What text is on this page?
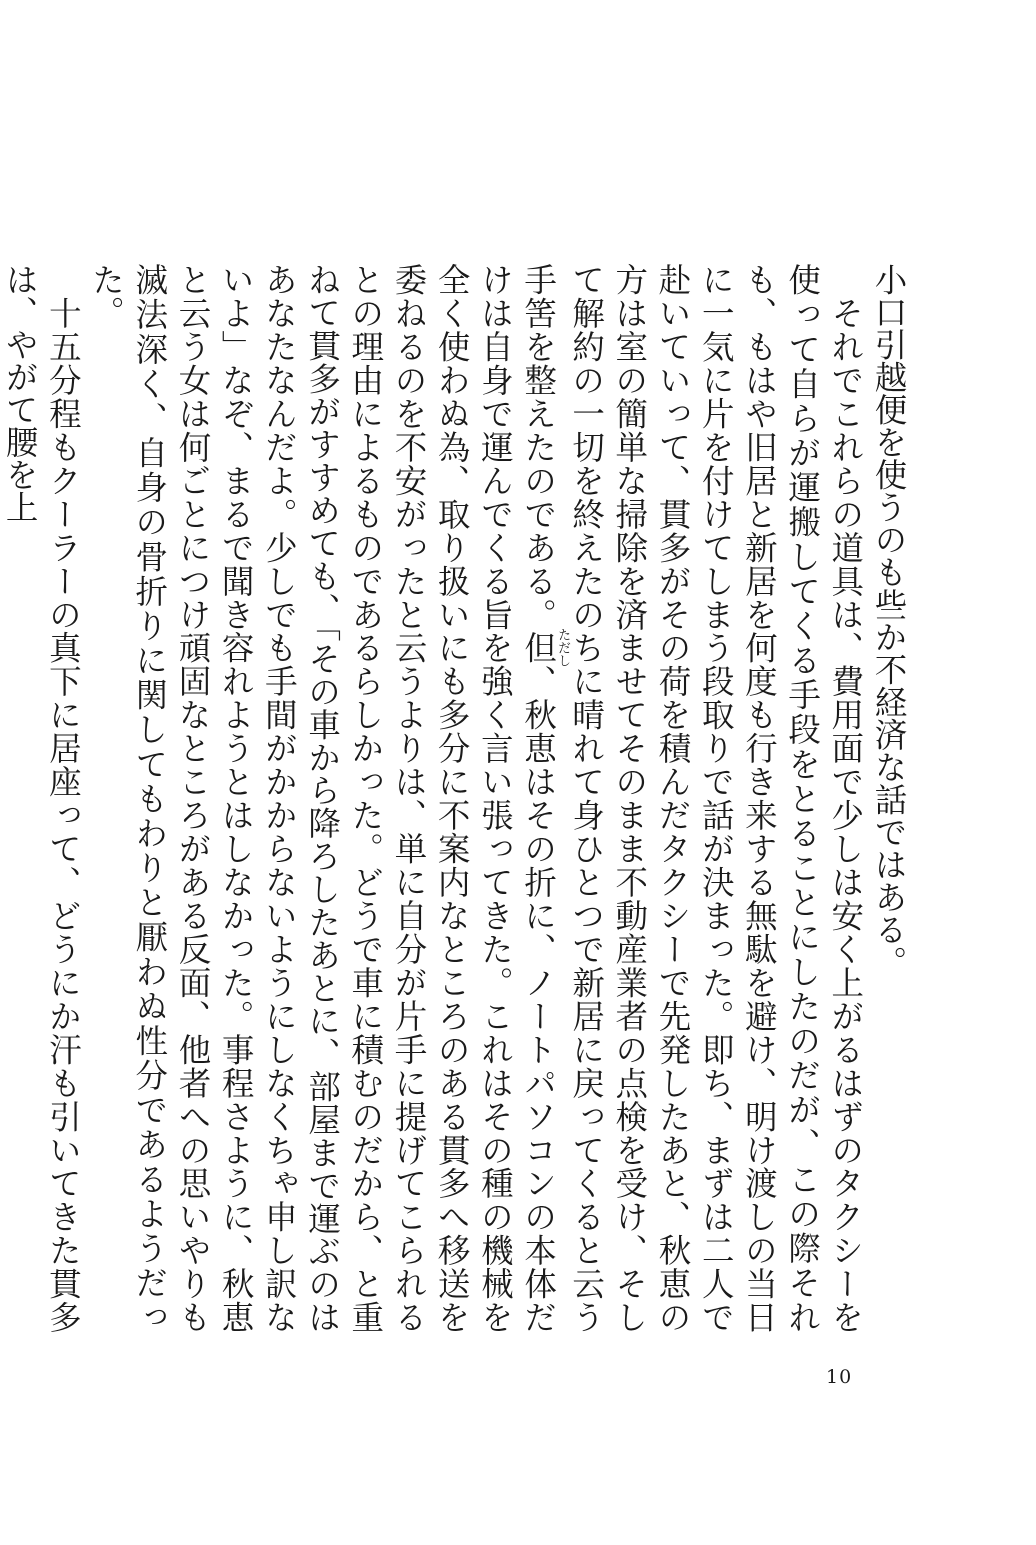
小口引越便を使うのも些か不経済な話ではある。

　それでこれらの道具は、費用面で少しは安く上がるはずのタクシーを使って自らが運搬してくる手段をとることにしたのだが、この際それも、もはや旧居と新居を何度も行き来する無駄を避け、明け渡しの当日に一気に片を付けてしまう段取りで話が決まった。即ち、まずは二人で赴いていって、貫多がその荷を積んだタクシーで先発したあと、秋恵の方は室の簡単な掃除を済ませてそのまま不動産業者の点検を受け、そして解約の一切を終えたのちに晴れて身ひとつで新居に戻ってくると云う手筈を整えたのである。但ただし、秋恵はその折に、ノートパソコンの本体だけは自身で運んでくる旨を強く言い張ってきた。これはその種の機械を全く使わぬ為、取り扱いにも多分に不案内なところのある貫多へ移送を委ねるのを不安がったと云うよりは、単に自分が片手に提げてこられるとの理由によるものであるらしかった。どうで車に積むのだから、と重ねて貫多がすすめても、「その車から降ろしたあとに、部屋まで運ぶのはあなたなんだよ。少しでも手間がかからないようにしなくちゃ申し訳ないよ」なぞ、まるで聞き容れようとはしなかった。事程さように、秋恵と云う女は何ごとにつけ頑固なところがある反面、他者への思いやりも滅法深く、自身の骨折りに関してもわりと厭わぬ性分であるようだった。

　十五分程もクーラーの真下に居座って、どうにか汗も引いてきた貫多は、やがて腰を上

10
